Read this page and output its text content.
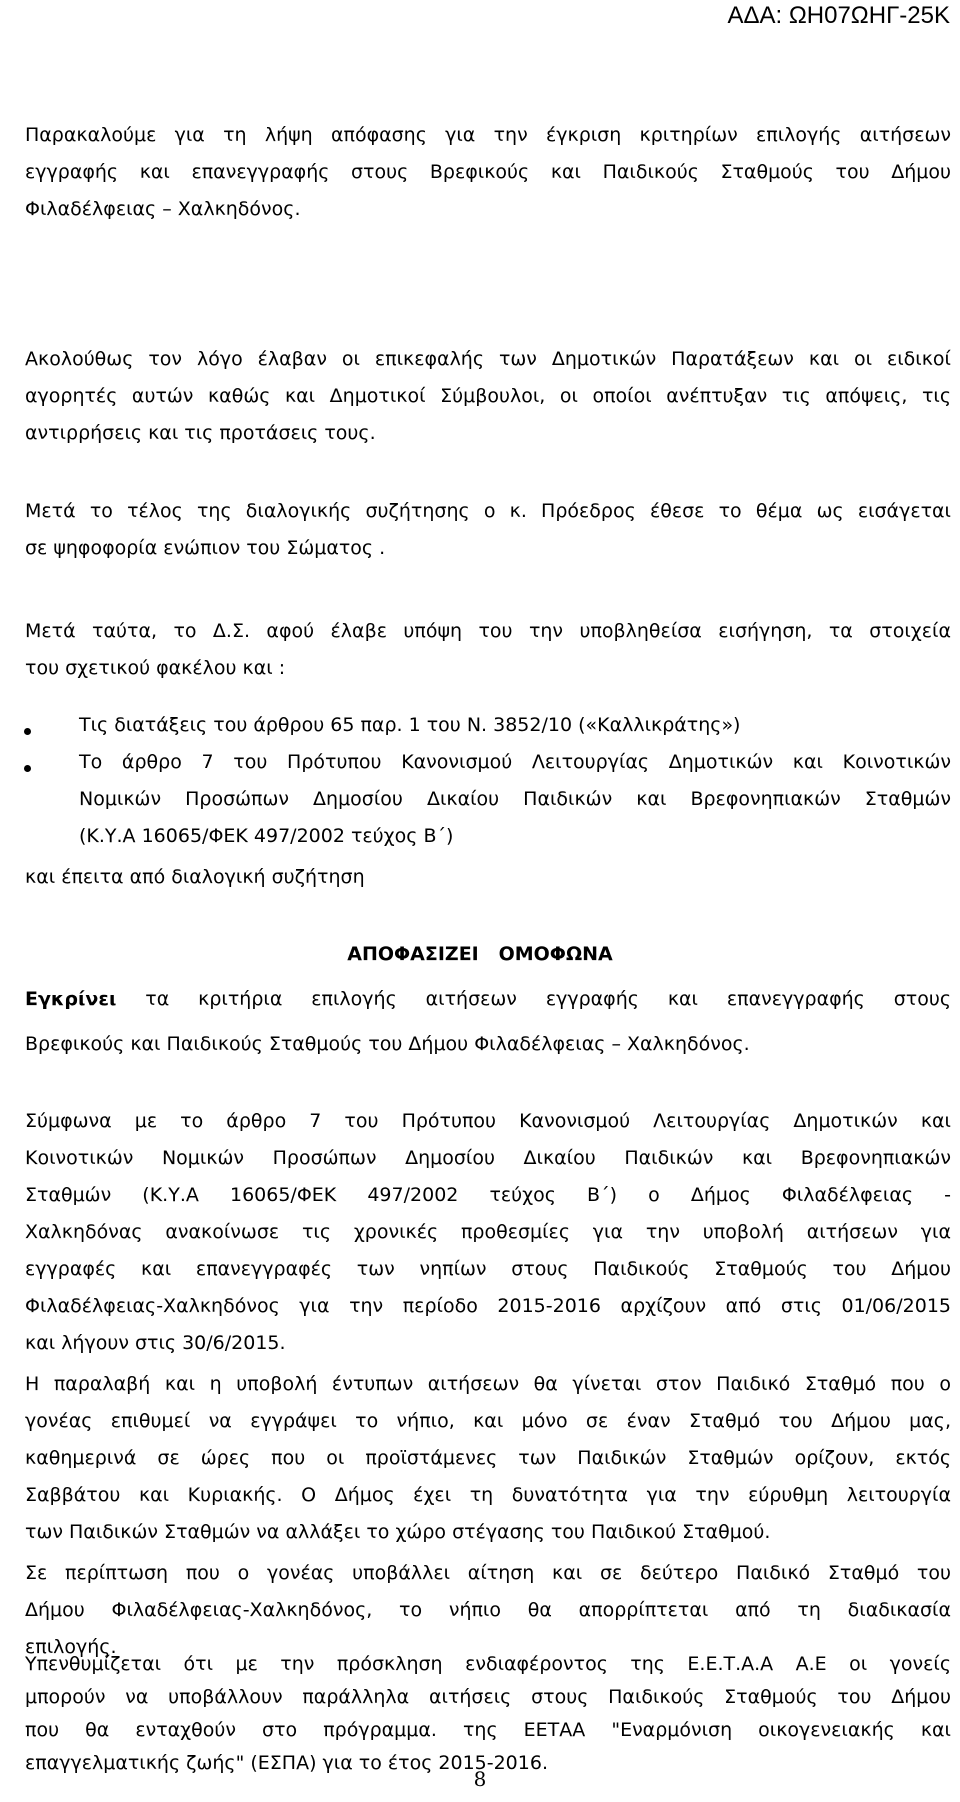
ΑΔΑ: ΩΗ07ΩΗΓ-25Κ
Παρακαλούμε για τη λήψη απόφασης για την έγκριση κριτηρίων επιλογής αιτήσεων
εγγραφής και επανεγγραφής στους Βρεφικούς και Παιδικούς Σταθμούς του Δήμου
Φιλαδέλφειας – Χαλκηδόνος.
Ακολούθως τον λόγο έλαβαν οι επικεφαλής των Δημοτικών Παρατάξεων και οι ειδικοί
αγορητές αυτών καθώς και Δημοτικοί Σύμβουλοι, οι οποίοι ανέπτυξαν τις απόψεις, τις
αντιρρήσεις και τις προτάσεις τους.
Μετά το τέλος της διαλογικής συζήτησης ο κ. Πρόεδρος έθεσε το θέμα ως εισάγεται
σε ψηφοφορία ενώπιον του Σώματος .
Μετά ταύτα, το Δ.Σ. αφού έλαβε υπόψη του την υποβληθείσα εισήγηση, τα στοιχεία
του σχετικού φακέλου και :
Τις διατάξεις του άρθρου 65 παρ. 1 του Ν. 3852/10 («Καλλικράτης»)
Το άρθρο 7 του Πρότυπου Κανονισμού Λειτουργίας Δημοτικών και Κοινοτικών
Νομικών Προσώπων Δημοσίου Δικαίου Παιδικών και Βρεφονηπιακών Σταθμών
(Κ.Υ.Α 16065/ΦΕΚ 497/2002 τεύχος Β΄)
και έπειτα από διαλογική συζήτηση
ΑΠΟΦΑΣΙΖΕΙ   ΟΜΟΦΩΝΑ
Εγκρίνει τα κριτήρια επιλογής αιτήσεων εγγραφής και επανεγγραφής στους
Βρεφικούς και Παιδικούς Σταθμούς του Δήμου Φιλαδέλφειας – Χαλκηδόνος.
Σύμφωνα με το άρθρο 7 του Πρότυπου Κανονισμού Λειτουργίας Δημοτικών και
Κοινοτικών Νομικών Προσώπων Δημοσίου Δικαίου Παιδικών και Βρεφονηπιακών
Σταθμών (Κ.Υ.Α 16065/ΦΕΚ 497/2002 τεύχος Β΄) ο Δήμος Φιλαδέλφειας -
Χαλκηδόνας ανακοίνωσε τις χρονικές προθεσμίες για την υποβολή αιτήσεων για
εγγραφές και επανεγγραφές των νηπίων στους Παιδικούς Σταθμούς του Δήμου
Φιλαδέλφειας-Χαλκηδόνος για την περίοδο 2015-2016 αρχίζουν από στις 01/06/2015
και λήγουν στις 30/6/2015.
Η παραλαβή και η υποβολή έντυπων αιτήσεων θα γίνεται στον Παιδικό Σταθμό που ο
γονέας επιθυμεί να εγγράψει το νήπιο, και μόνο σε έναν Σταθμό του Δήμου μας,
καθημερινά σε ώρες που οι προϊστάμενες των Παιδικών Σταθμών ορίζουν, εκτός
Σαββάτου και Κυριακής. Ο Δήμος έχει τη δυνατότητα για την εύρυθμη λειτουργία
των Παιδικών Σταθμών να αλλάξει το χώρο στέγασης του Παιδικού Σταθμού.
Σε περίπτωση που ο γονέας υποβάλλει αίτηση και σε δεύτερο Παιδικό Σταθμό του
Δήμου Φιλαδέλφειας-Χαλκηδόνος, το νήπιο θα απορρίπτεται από τη διαδικασία
επιλογής.
Υπενθυμίζεται ότι με την πρόσκληση ενδιαφέροντος της Ε.Ε.Τ.Α.Α Α.Ε οι γονείς
μπορούν να υποβάλλουν παράλληλα αιτήσεις στους Παιδικούς Σταθμούς του Δήμου
που θα ενταχθούν στο πρόγραμμα. της ΕΕΤΑΑ "Εναρμόνιση οικογενειακής και
επαγγελματικής ζωής" (ΕΣΠΑ) για το έτος 2015-2016.
8
